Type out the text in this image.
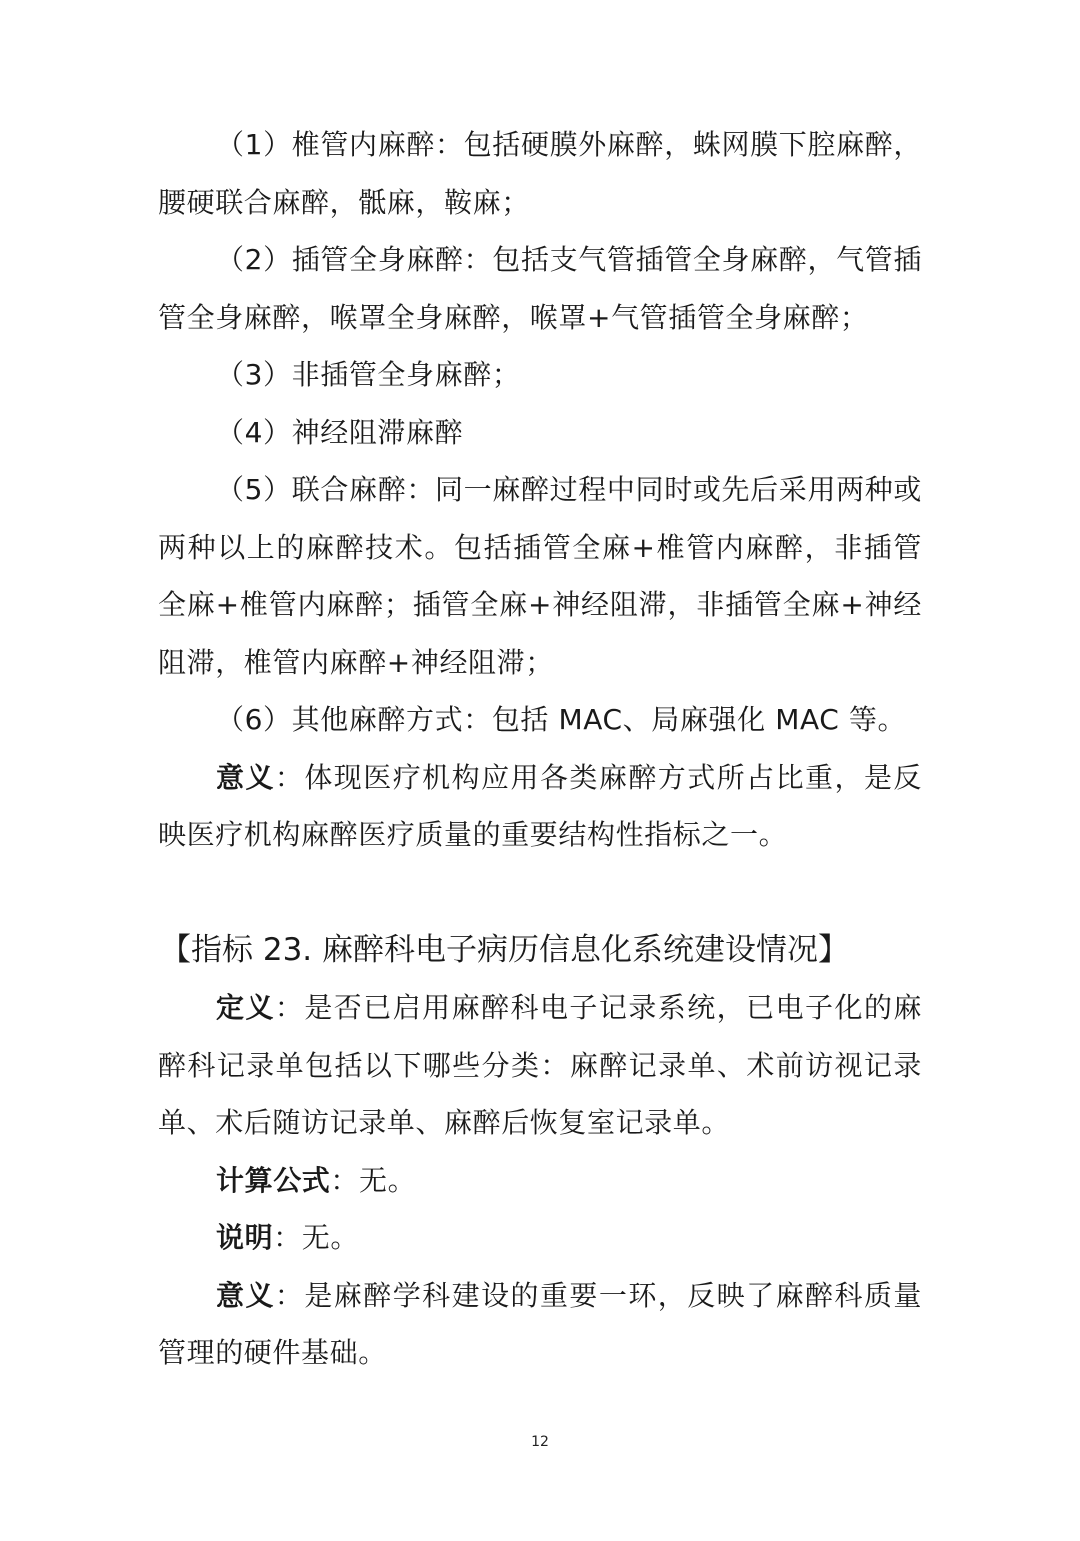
（1）椎管内麻醉：包括硬膜外麻醉，蛛网膜下腔麻醉，腰硬联合麻醉，骶麻，鞍麻；

（2）插管全身麻醉：包括支气管插管全身麻醉，气管插管全身麻醉，喉罩全身麻醉，喉罩+气管插管全身麻醉；

（3）非插管全身麻醉；

（4）神经阻滞麻醉

（5）联合麻醉：同一麻醉过程中同时或先后采用两种或两种以上的麻醉技术。包括插管全麻+椎管内麻醉，非插管全麻+椎管内麻醉；插管全麻+神经阻滞，非插管全麻+神经阻滞，椎管内麻醉+神经阻滞；

（6）其他麻醉方式：包括 MAC、局麻强化 MAC 等。

意义：体现医疗机构应用各类麻醉方式所占比重，是反映医疗机构麻醉医疗质量的重要结构性指标之一。

【指标 23. 麻醉科电子病历信息化系统建设情况】

定义：是否已启用麻醉科电子记录系统，已电子化的麻醉科记录单包括以下哪些分类：麻醉记录单、术前访视记录单、术后随访记录单、麻醉后恢复室记录单。

计算公式：无。

说明：无。

意义：是麻醉学科建设的重要一环，反映了麻醉科质量管理的硬件基础。

12
